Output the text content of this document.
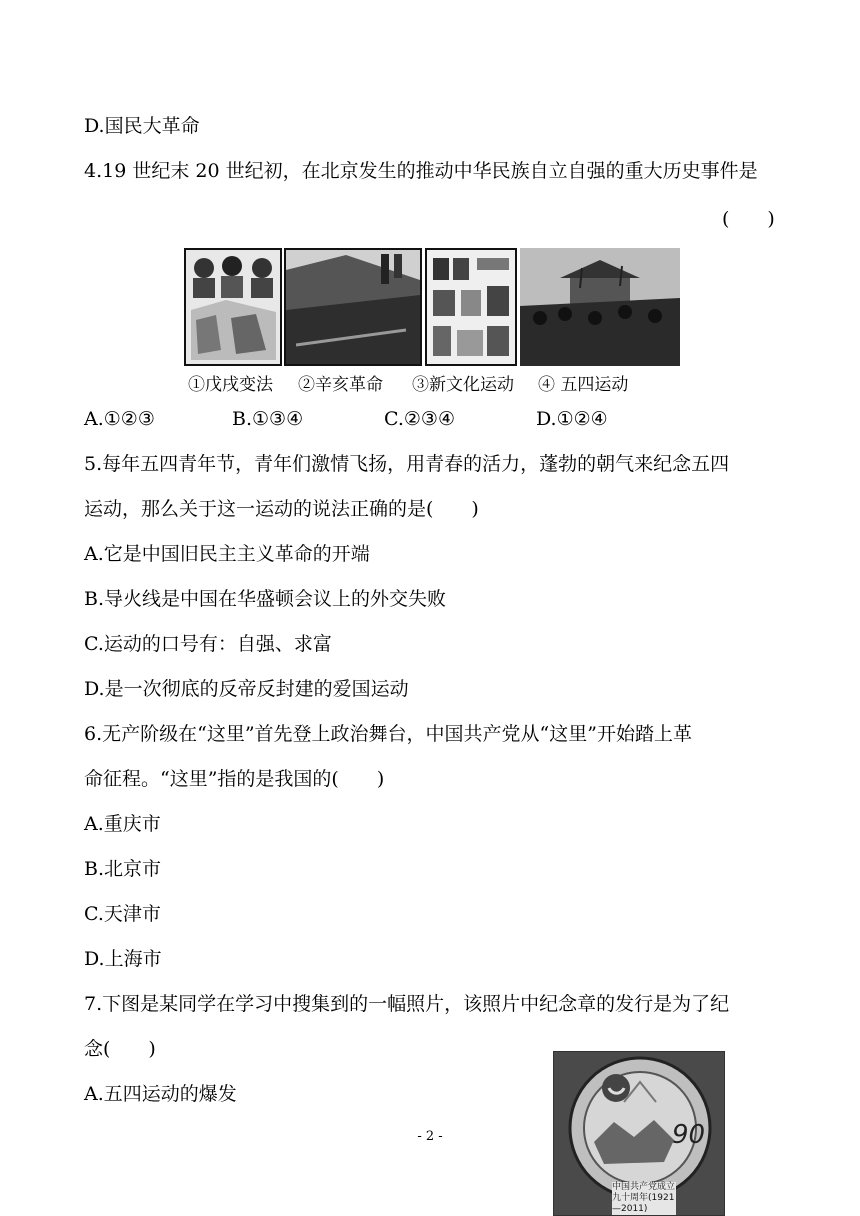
D.国民大革命
4.19 世纪末 20 世纪初，在北京发生的推动中华民族自立自强的重大历史事件是
(　　)
①戊戌变法 ②辛亥革命 ③新文化运动 ④ 五四运动
A.①②③	B.①③④	C.②③④	D.①②④
5.每年五四青年节，青年们激情飞扬，用青春的活力，蓬勃的朝气来纪念五四
运动，那么关于这一运动的说法正确的是(　　)
A.它是中国旧民主主义革命的开端
B.导火线是中国在华盛顿会议上的外交失败
C.运动的口号有：自强、求富
D.是一次彻底的反帝反封建的爱国运动
6.无产阶级在“这里”首先登上政治舞台，中国共产党从“这里”开始踏上革
命征程。“这里”指的是我国的(　　)
A.重庆市
B.北京市
C.天津市
D.上海市
7.下图是某同学在学习中搜集到的一幅照片，该照片中纪念章的发行是为了纪
念(　　)
A.五四运动的爆发
90
中国共产党成立九十周年(1921—2011)
- 2 -
